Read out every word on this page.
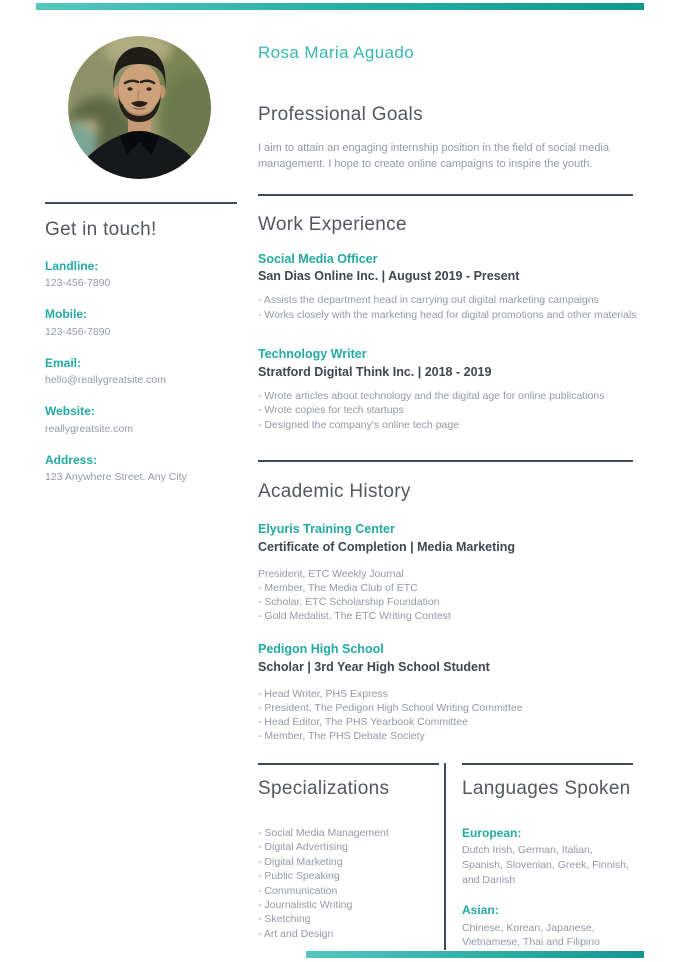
Get in touch!
Landline:
123-456-7890
Mobile:
123-456-7890
Email:
hello@reallygreatsite.com
Website:
reallygreatsite.com
Address:
123 Anywhere Street. Any City
Rosa Maria Aguado
Professional Goals

I aim to attain an engaging internship position in the field of social media management. I hope to create online campaigns to inspire the youth.

Work Experience
Social Media Officer
San Dias Online Inc. | August 2019 - Present
- Assists the department head in carrying out digital marketing campaigns
- Works closely with the marketing head for digital promotions and other materials
Technology Writer
Stratford Digital Think Inc. | 2018 - 2019
- Wrote articles about technology and the digital age for online publications
- Wrote copies for tech startups
- Designed the company's online tech page
Academic History
Elyuris Training Center
Certificate of Completion | Media Marketing
President, ETC Weekly Journal
- Member, The Media Club of ETC
- Scholar, ETC Scholarship Foundation
- Gold Medalist, The ETC Writing Contest
Pedigon High School
Scholar | 3rd Year High School Student
- Head Writer, PHS Express
- President, The Pedigon High School Writing Committee
- Head Editor, The PHS Yearbook Committee
- Member, The PHS Debate Society
Specializations
- Social Media Management
- Digital Advertising
- Digital Marketing
- Public Speaking
- Communication
- Journalistic Writing
- Sketching
- Art and Design
Languages Spoken
European:
Dutch Irish, German, Italian, Spanish, Slovenian, Greek, Finnish, and Danish
Asian:
Chinese, Korean, Japanese, Vietnamese, Thai and Filipino
